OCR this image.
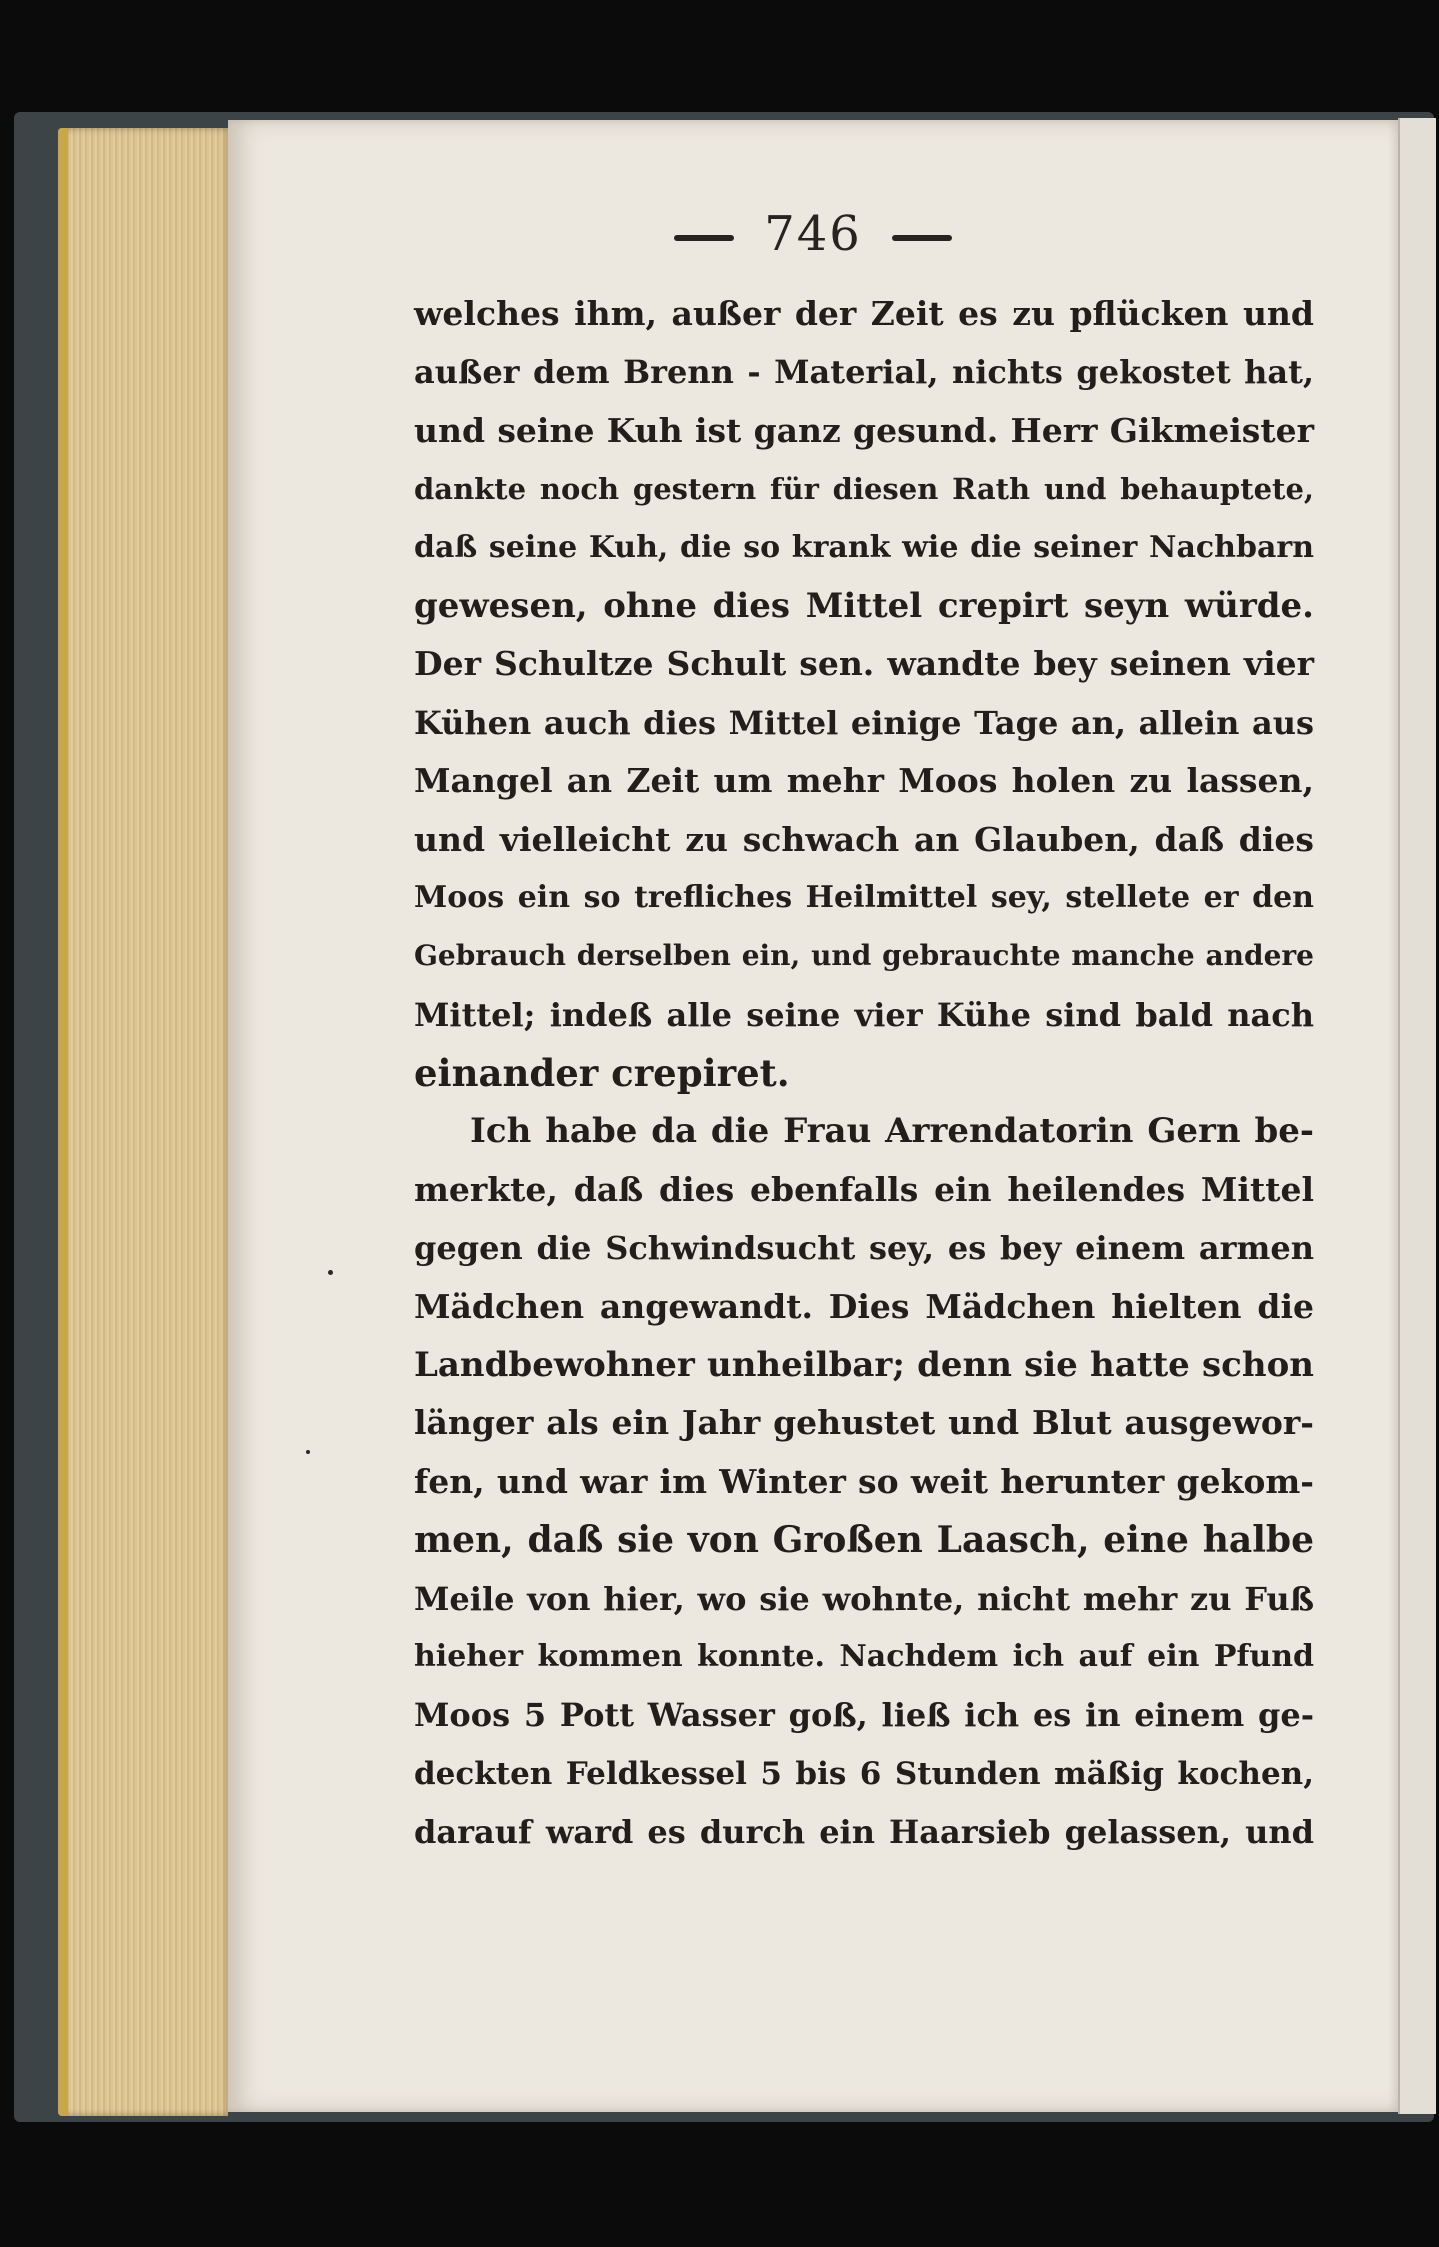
746
welches ihm, außer der Zeit es zu pflücken und
außer dem Brenn - Material, nichts gekostet hat,
und seine Kuh ist ganz gesund. Herr Gikmeister
dankte noch gestern für diesen Rath und behauptete,
daß seine Kuh, die so krank wie die seiner Nachbarn
gewesen, ohne dies Mittel crepirt seyn würde.
Der Schultze Schult sen. wandte bey seinen vier
Kühen auch dies Mittel einige Tage an, allein aus
Mangel an Zeit um mehr Moos holen zu lassen,
und vielleicht zu schwach an Glauben, daß dies
Moos ein so trefliches Heilmittel sey, stellete er den
Gebrauch derselben ein, und gebrauchte manche andere
Mittel; indeß alle seine vier Kühe sind bald nach
einander crepiret.
Ich habe da die Frau Arrendatorin Gern be-
merkte, daß dies ebenfalls ein heilendes Mittel
gegen die Schwindsucht sey, es bey einem armen
Mädchen angewandt. Dies Mädchen hielten die
Landbewohner unheilbar; denn sie hatte schon
länger als ein Jahr gehustet und Blut ausgewor-
fen, und war im Winter so weit herunter gekom-
men, daß sie von Großen Laasch, eine halbe
Meile von hier, wo sie wohnte, nicht mehr zu Fuß
hieher kommen konnte. Nachdem ich auf ein Pfund
Moos 5 Pott Wasser goß, ließ ich es in einem ge-
deckten Feldkessel 5 bis 6 Stunden mäßig kochen,
darauf ward es durch ein Haarsieb gelassen, und
